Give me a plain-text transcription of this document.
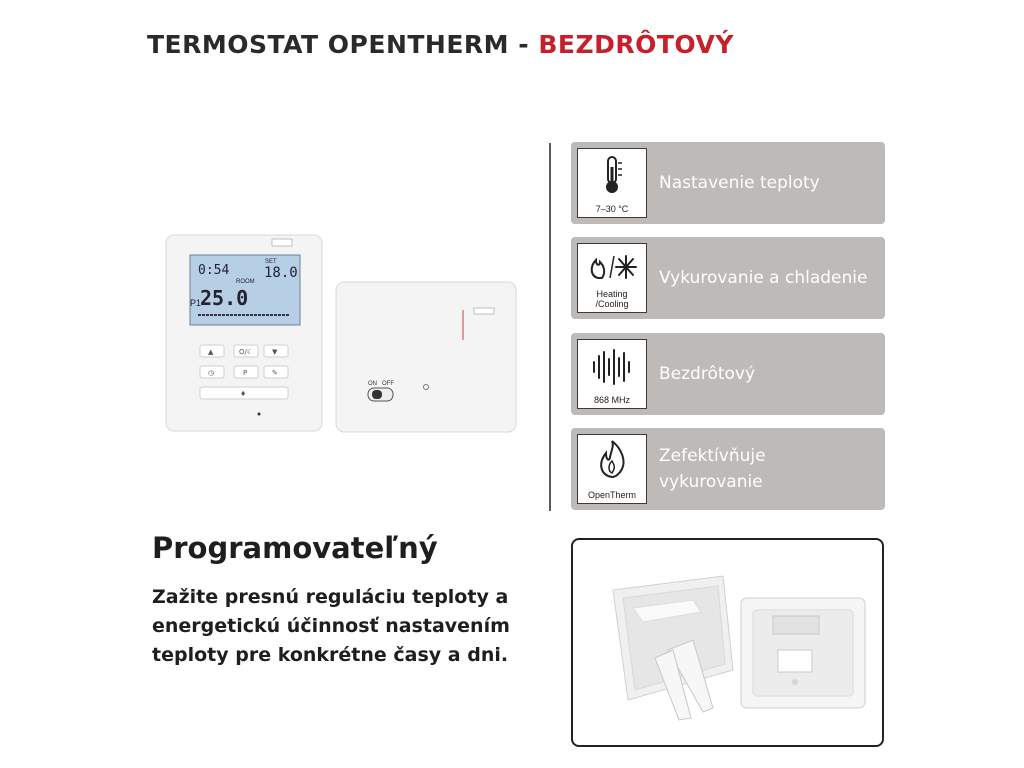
TERMOSTAT OPENTHERM - BEZDRÔTOVÝ
0:54
SET
18.0
ROOM
25.0
P1
▲	O/☾	▼
◷	P	✎
♦
ON OFF
7–30 °C
Nastavenie teploty
Heating
/Cooling
Vykurovanie a chladenie
868 MHz
Bezdrôtový
OpenTherm
Zefektívňuje
vykurovanie
Programovateľný
Zažite presnú reguláciu teploty a
energetickú účinnosť nastavením
teploty pre konkrétne časy a dni.
